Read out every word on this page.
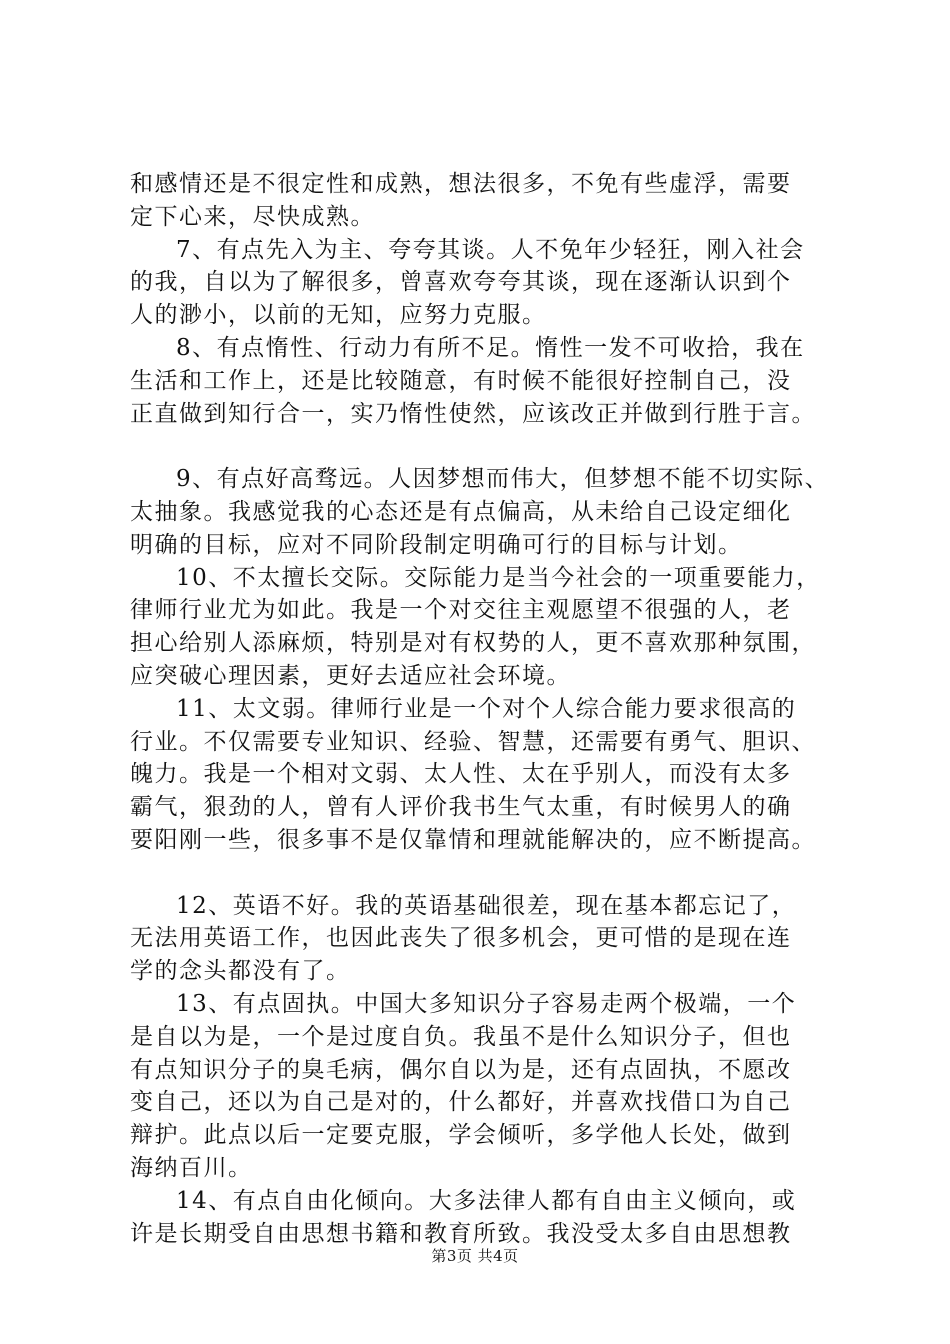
和感情还是不很定性和成熟，想法很多，不免有些虚浮，需要
定下心来，尽快成熟。
7、有点先入为主、夸夸其谈。人不免年少轻狂，刚入社会
的我，自以为了解很多，曾喜欢夸夸其谈，现在逐渐认识到个
人的渺小，以前的无知，应努力克服。
8、有点惰性、行动力有所不足。惰性一发不可收拾，我在
生活和工作上，还是比较随意，有时候不能很好控制自己，没
正直做到知行合一，实乃惰性使然，应该改正并做到行胜于言。
9、有点好高骛远。人因梦想而伟大，但梦想不能不切实际、
太抽象。我感觉我的心态还是有点偏高，从未给自己设定细化
明确的目标，应对不同阶段制定明确可行的目标与计划。
10、不太擅长交际。交际能力是当今社会的一项重要能力，
律师行业尤为如此。我是一个对交往主观愿望不很强的人，老
担心给别人添麻烦，特别是对有权势的人，更不喜欢那种氛围，
应突破心理因素，更好去适应社会环境。
11、太文弱。律师行业是一个对个人综合能力要求很高的
行业。不仅需要专业知识、经验、智慧，还需要有勇气、胆识、
魄力。我是一个相对文弱、太人性、太在乎别人，而没有太多
霸气，狠劲的人，曾有人评价我书生气太重，有时候男人的确
要阳刚一些，很多事不是仅靠情和理就能解决的，应不断提高。
12、英语不好。我的英语基础很差，现在基本都忘记了，
无法用英语工作，也因此丧失了很多机会，更可惜的是现在连
学的念头都没有了。
13、有点固执。中国大多知识分子容易走两个极端，一个
是自以为是，一个是过度自负。我虽不是什么知识分子，但也
有点知识分子的臭毛病，偶尔自以为是，还有点固执，不愿改
变自己，还以为自己是对的，什么都好，并喜欢找借口为自己
辩护。此点以后一定要克服，学会倾听，多学他人长处，做到
海纳百川。
14、有点自由化倾向。大多法律人都有自由主义倾向，或
许是长期受自由思想书籍和教育所致。我没受太多自由思想教
第3页 共4页
